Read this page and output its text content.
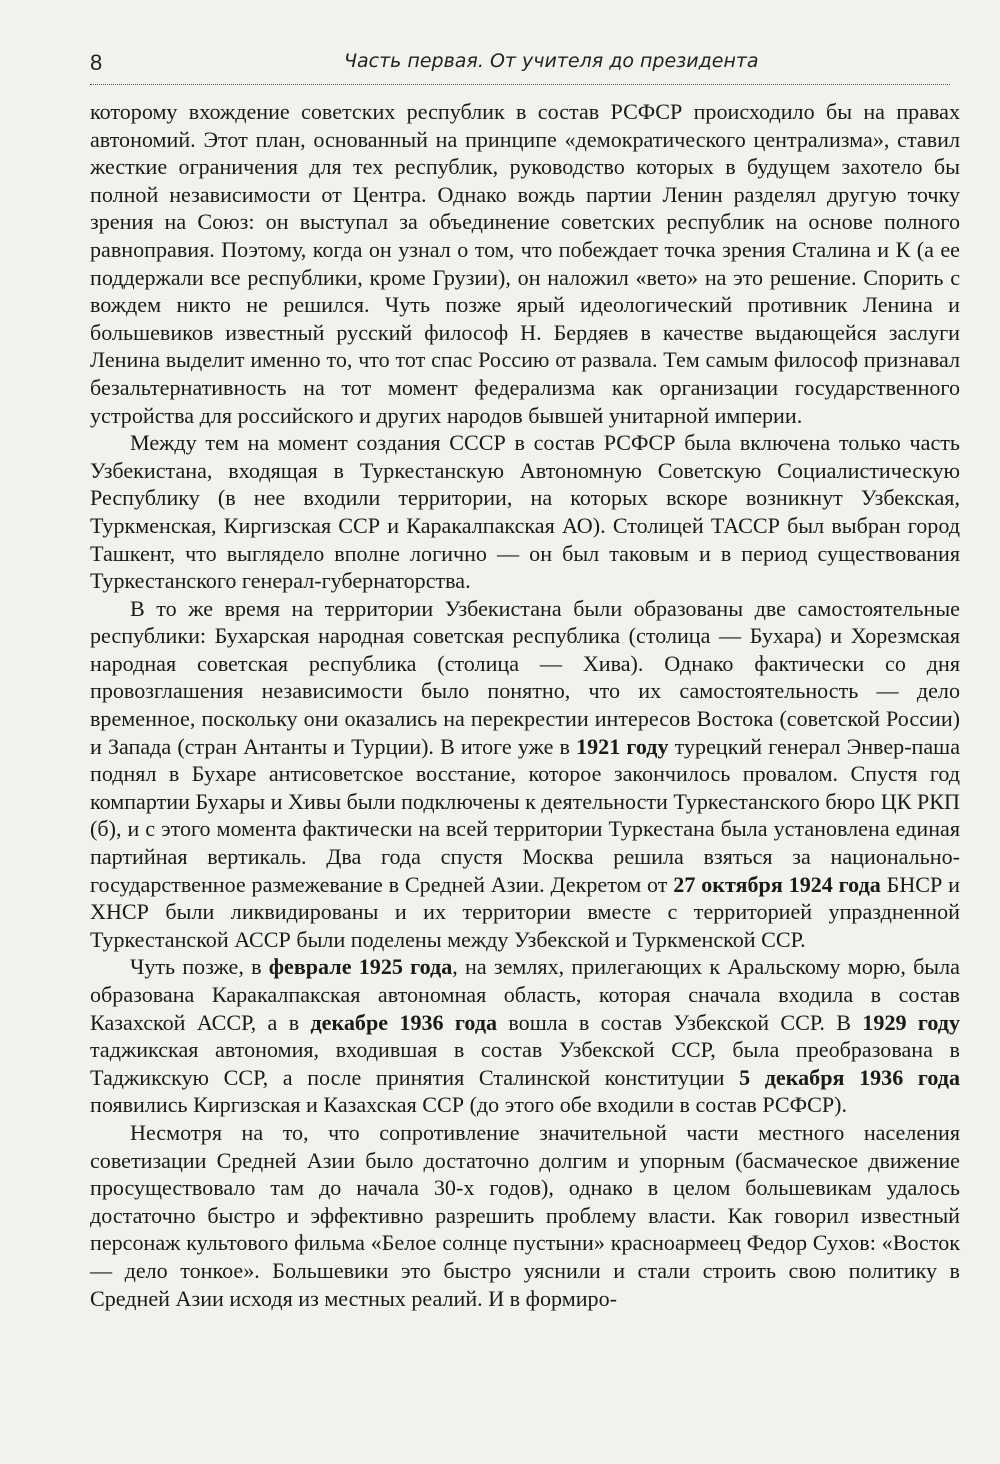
8	Часть первая. От учителя до президента

которому вхождение советских республик в состав РСФСР происходило бы на правах автономий. Этот план, основанный на принципе «демократического централизма», ставил жесткие ограничения для тех республик, руководство которых в будущем захотело бы полной независимости от Центра. Однако вождь партии Ленин разделял другую точку зрения на Союз: он выступал за объединение советских республик на основе полного равноправия. Поэтому, когда он узнал о том, что побеждает точка зрения Сталина и К (а ее поддержали все республики, кроме Грузии), он наложил «вето» на это решение. Спорить с вождем никто не решился. Чуть позже ярый идеологический противник Ленина и большевиков известный русский философ Н. Бердяев в качестве выдающейся заслуги Ленина выделит именно то, что тот спас Россию от развала. Тем самым философ признавал безальтернативность на тот момент федерализма как организации государственного устройства для российского и других народов бывшей унитарной империи.

Между тем на момент создания СССР в состав РСФСР была включена только часть Узбекистана, входящая в Туркестанскую Автономную Советскую Социалистическую Республику (в нее входили территории, на которых вскоре возникнут Узбекская, Туркменская, Киргизская ССР и Каракалпакская АО). Столицей ТАССР был выбран город Ташкент, что выглядело вполне логично — он был таковым и в период существования Туркестанского генерал-губернаторства.

В то же время на территории Узбекистана были образованы две самостоятельные республики: Бухарская народная советская республика (столица — Бухара) и Хорезмская народная советская республика (столица — Хива). Однако фактически со дня провозглашения независимости было понятно, что их самостоятельность — дело временное, поскольку они оказались на перекрестии интересов Востока (советской России) и Запада (стран Антанты и Турции). В итоге уже в 1921 году турецкий генерал Энвер-паша поднял в Бухаре антисоветское восстание, которое закончилось провалом. Спустя год компартии Бухары и Хивы были подключены к деятельности Туркестанского бюро ЦК РКП (б), и с этого момента фактически на всей территории Туркестана была установлена единая партийная вертикаль. Два года спустя Москва решила взяться за национально-государственное размежевание в Средней Азии. Декретом от 27 октября 1924 года БНСР и ХНСР были ликвидированы и их территории вместе с территорией упраздненной Туркестанской АССР были поделены между Узбекской и Туркменской ССР.

Чуть позже, в феврале 1925 года, на землях, прилегающих к Аральскому морю, была образована Каракалпакская автономная область, которая сначала входила в состав Казахской АССР, а в декабре 1936 года вошла в состав Узбекской ССР. В 1929 году таджикская автономия, входившая в состав Узбекской ССР, была преобразована в Таджикскую ССР, а после принятия Сталинской конституции 5 декабря 1936 года появились Киргизская и Казахская ССР (до этого обе входили в состав РСФСР).

Несмотря на то, что сопротивление значительной части местного населения советизации Средней Азии было достаточно долгим и упорным (басмаческое движение просуществовало там до начала 30-х годов), однако в целом большевикам удалось достаточно быстро и эффективно разрешить проблему власти. Как говорил известный персонаж культового фильма «Белое солнце пустыни» красноармеец Федор Сухов: «Восток — дело тонкое». Большевики это быстро уяснили и стали строить свою политику в Средней Азии исходя из местных реалий. И в формиро-
